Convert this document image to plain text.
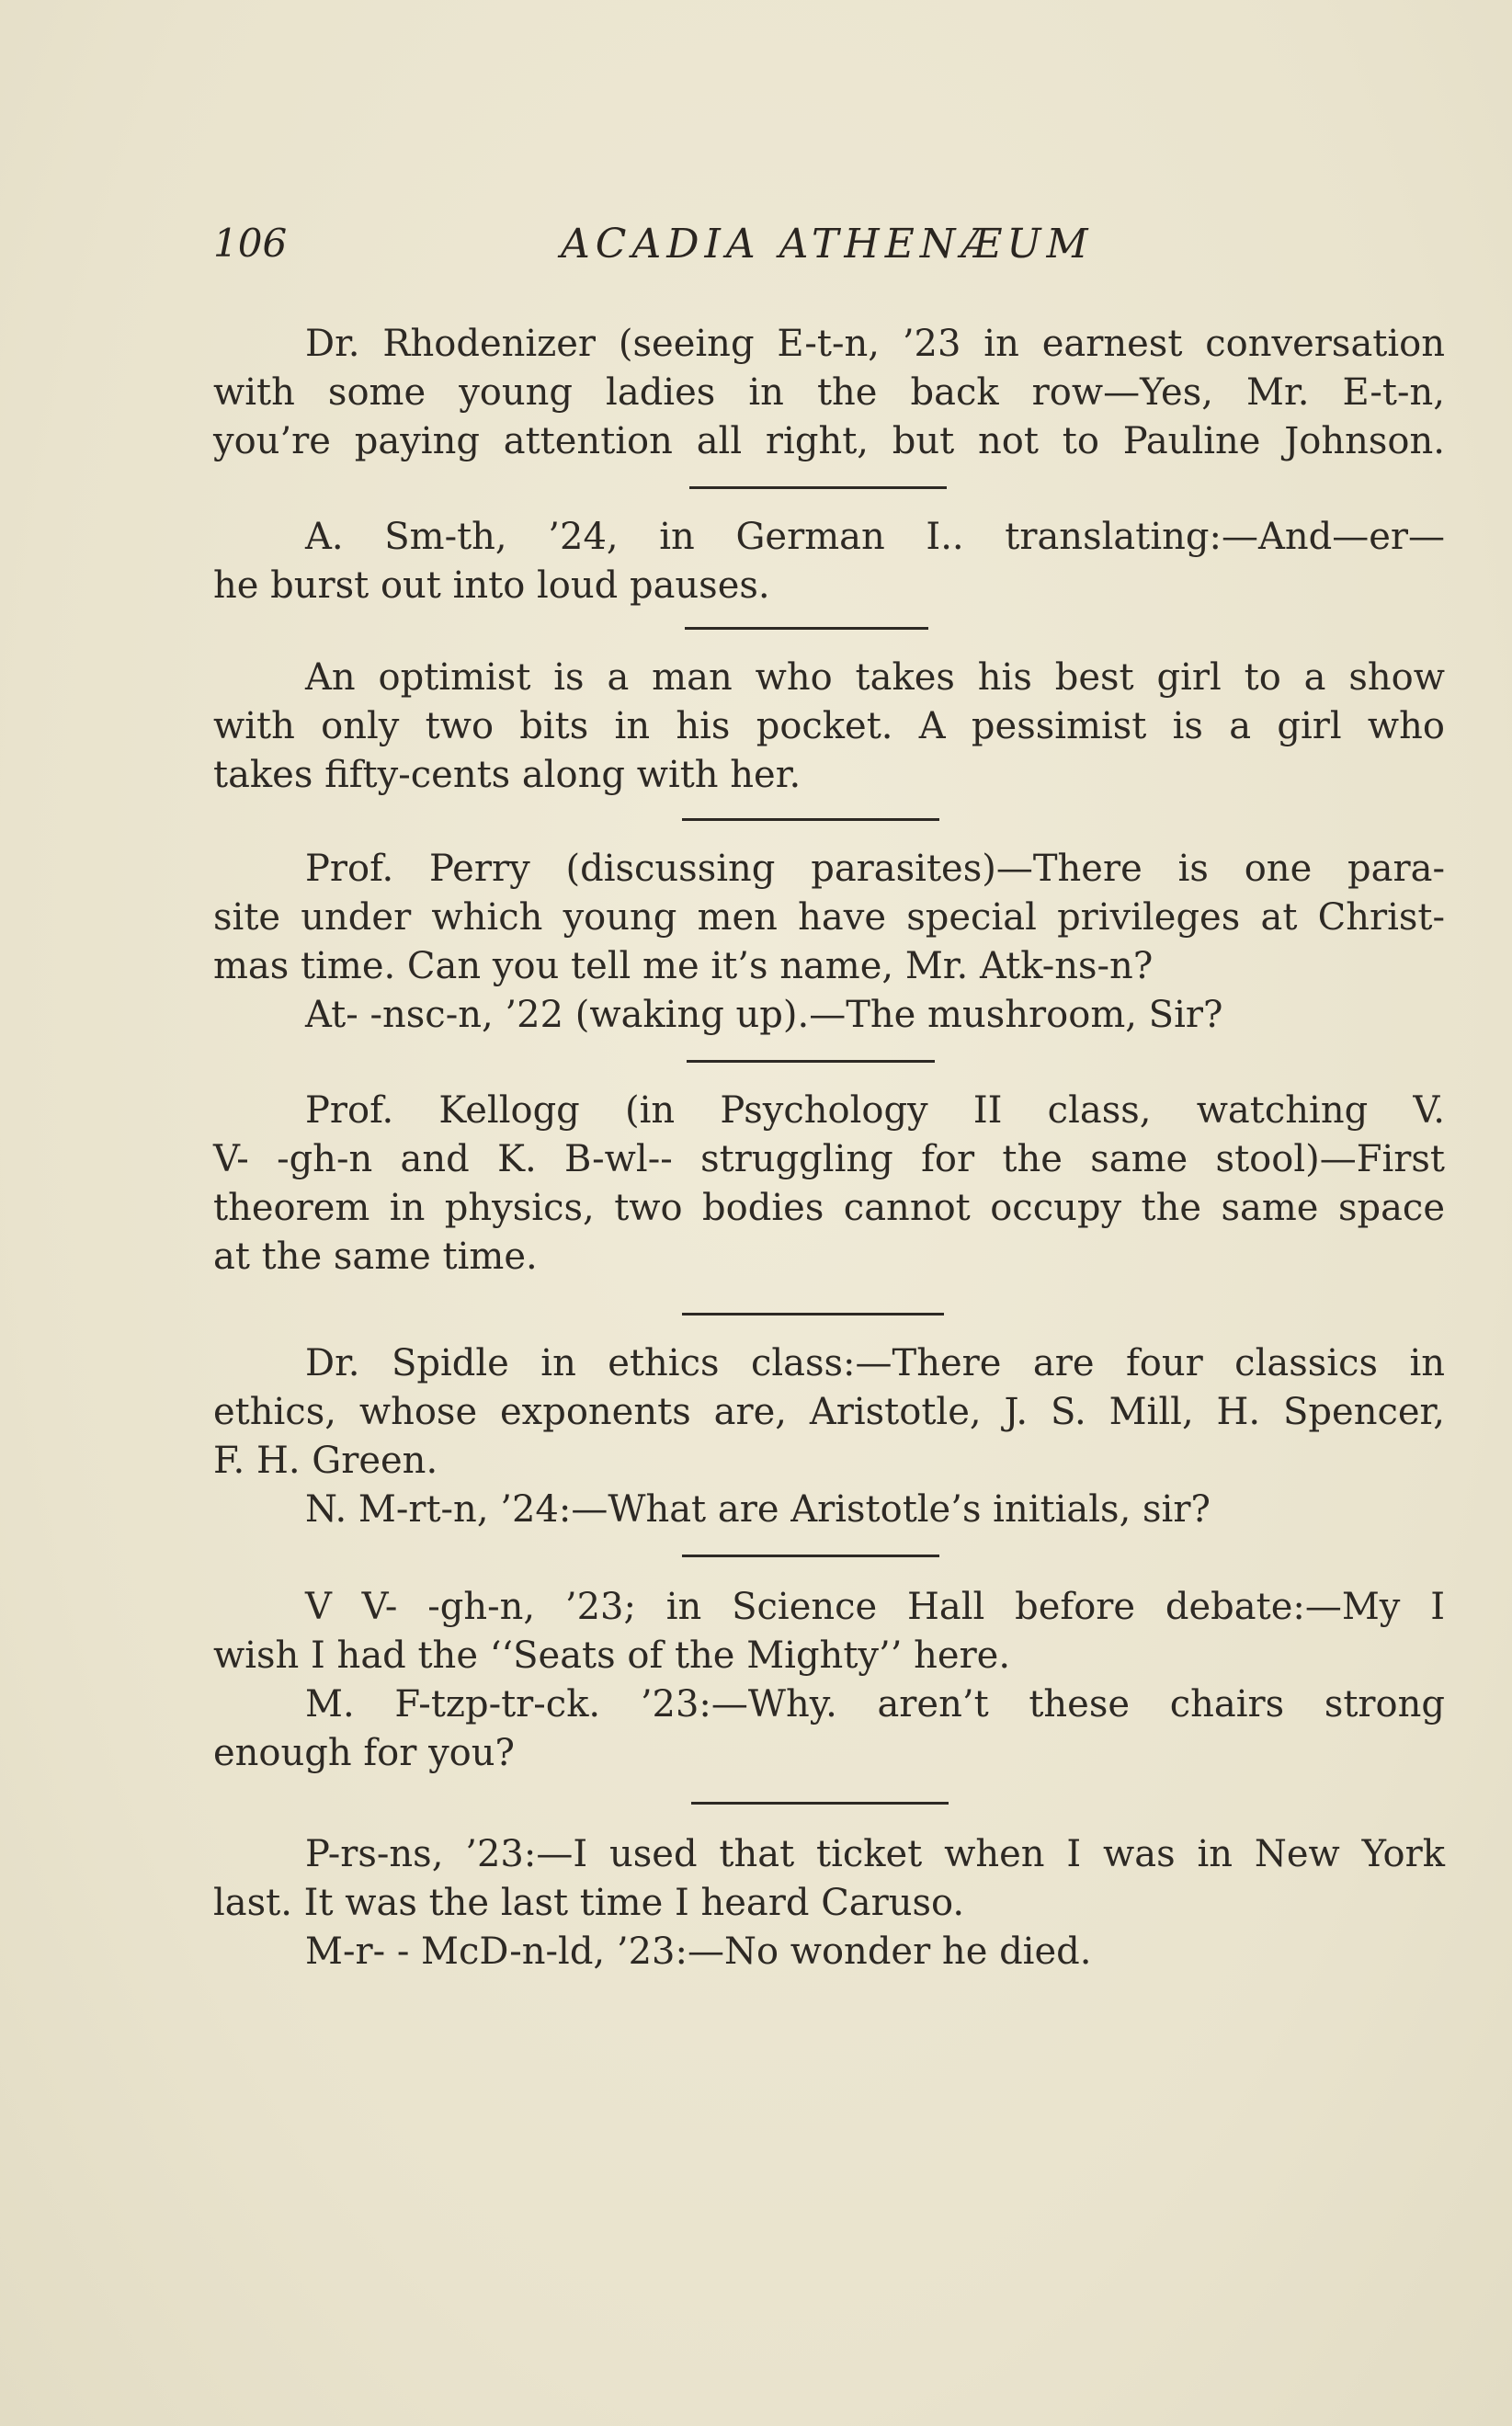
106	ACADIA ATHENÆUM
Dr. Rhodenizer (seeing E-t-n, ’23 in earnest conversation
with some young ladies in the back row—Yes, Mr. E-t-n,
you’re paying attention all right, but not to Pauline Johnson.
A. Sm-th, ’24, in German I.. translating:—And—er—
he burst out into loud pauses.
An optimist is a man who takes his best girl to a show
with only two bits in his pocket. A pessimist is a girl who
takes fifty-cents along with her.
Prof. Perry (discussing parasites)—There is one para-
site under which young men have special privileges at Christ-
mas time. Can you tell me it’s name, Mr. Atk-ns-n?
At- -nsc-n, ’22 (waking up).—The mushroom, Sir?
Prof. Kellogg (in Psychology II class, watching V.
V- -gh-n and K. B-wl-- struggling for the same stool)—First
theorem in physics, two bodies cannot occupy the same space
at the same time.
Dr. Spidle in ethics class:—There are four classics in
ethics, whose exponents are, Aristotle, J. S. Mill, H. Spencer,
F. H. Green.
N. M-rt-n, ’24:—What are Aristotle’s initials, sir?
V V- -gh-n, ’23; in Science Hall before debate:—My I
wish I had the ‘‘Seats of the Mighty’’ here.
M. F-tzp-tr-ck. ’23:—Why. aren’t these chairs strong
enough for you?
P-rs-ns, ’23:—I used that ticket when I was in New York
last. It was the last time I heard Caruso.
M-r- - McD-n-ld, ’23:—No wonder he died.
